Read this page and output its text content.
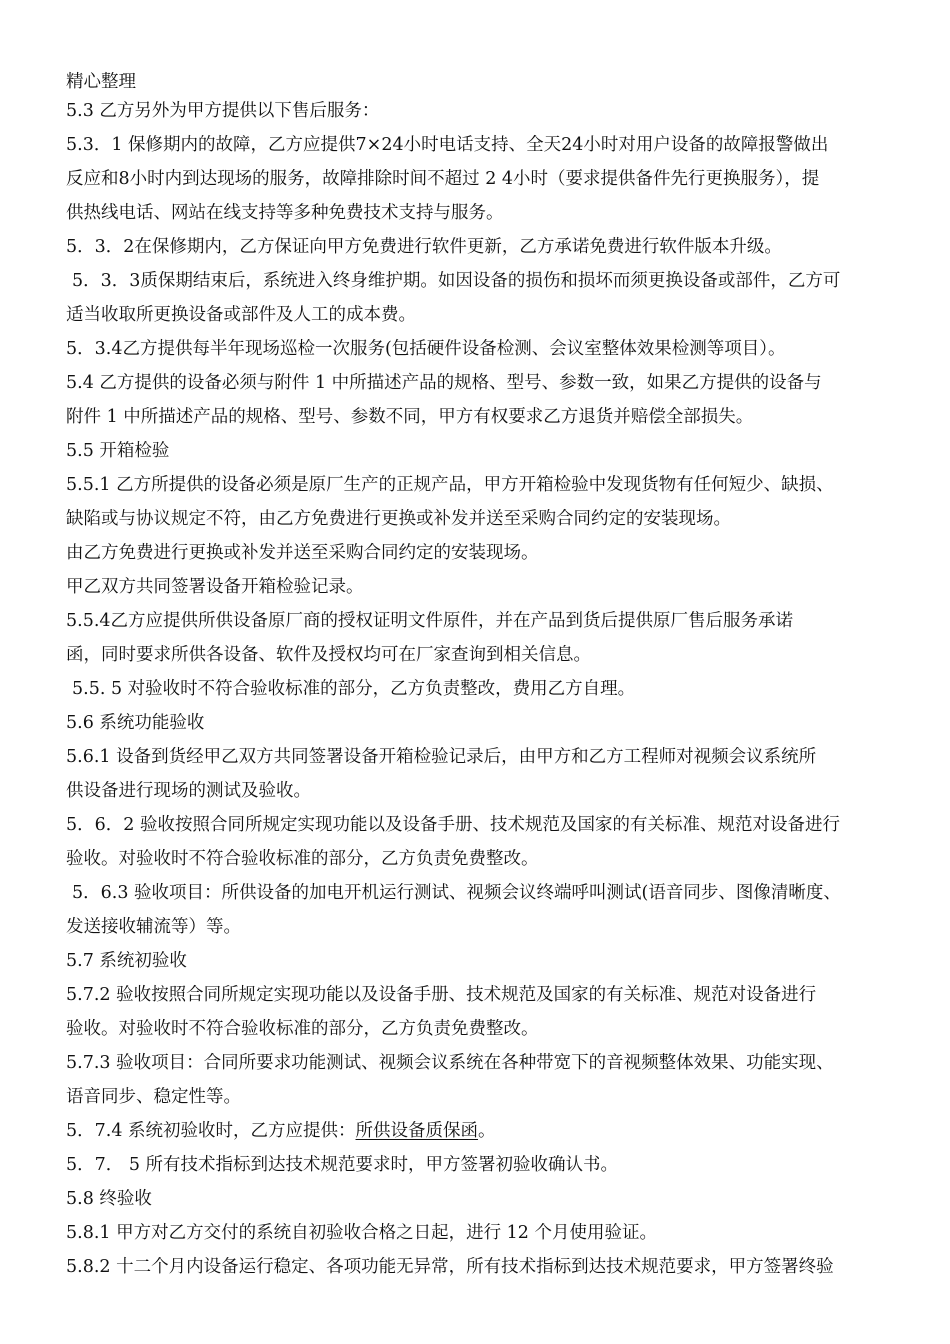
精心整理
5.3 乙方另外为甲方提供以下售后服务：
5.3．1 保修期内的故障，乙方应提供7×24小时电话支持、全天24小时对用户设备的故障报警做出
反应和8小时内到达现场的服务，故障排除时间不超过 2 4小时（要求提供备件先行更换服务），提
供热线电话、网站在线支持等多种免费技术支持与服务。
5．3．2在保修期内，乙方保证向甲方免费进行软件更新，乙方承诺免费进行软件版本升级。
5．3．3质保期结束后，系统进入终身维护期。如因设备的损伤和损坏而须更换设备或部件，乙方可
适当收取所更换设备或部件及人工的成本费。
5．3.4乙方提供每半年现场巡检一次服务(包括硬件设备检测、会议室整体效果检测等项目）。
5.4 乙方提供的设备必须与附件 1 中所描述产品的规格、型号、参数一致，如果乙方提供的设备与
附件 1 中所描述产品的规格、型号、参数不同，甲方有权要求乙方退货并赔偿全部损失。
5.5 开箱检验
5.5.1 乙方所提供的设备必须是原厂生产的正规产品，甲方开箱检验中发现货物有任何短少、缺损、
缺陷或与协议规定不符，由乙方免费进行更换或补发并送至采购合同约定的安装现场。
由乙方免费进行更换或补发并送至采购合同约定的安装现场。
甲乙双方共同签署设备开箱检验记录。
5.5.4乙方应提供所供设备原厂商的授权证明文件原件，并在产品到货后提供原厂售后服务承诺
函，同时要求所供各设备、软件及授权均可在厂家查询到相关信息。
5.5. 5 对验收时不符合验收标准的部分，乙方负责整改，费用乙方自理。
5.6 系统功能验收
5.6.1 设备到货经甲乙双方共同签署设备开箱检验记录后，由甲方和乙方工程师对视频会议系统所
供设备进行现场的测试及验收。
5．6．2 验收按照合同所规定实现功能以及设备手册、技术规范及国家的有关标准、规范对设备进行
验收。对验收时不符合验收标准的部分，乙方负责免费整改。
5．6.3 验收项目：所供设备的加电开机运行测试、视频会议终端呼叫测试(语音同步、图像清晰度、
发送接收辅流等）等。
5.7 系统初验收
5.7.2 验收按照合同所规定实现功能以及设备手册、技术规范及国家的有关标准、规范对设备进行
验收。对验收时不符合验收标准的部分，乙方负责免费整改。
5.7.3 验收项目：合同所要求功能测试、视频会议系统在各种带宽下的音视频整体效果、功能实现、
语音同步、稳定性等。
5．7.4 系统初验收时，乙方应提供：所供设备质保函。
5．7． 5 所有技术指标到达技术规范要求时，甲方签署初验收确认书。
5.8 终验收
5.8.1 甲方对乙方交付的系统自初验收合格之日起，进行 12 个月使用验证。
5.8.2 十二个月内设备运行稳定、各项功能无异常，所有技术指标到达技术规范要求，甲方签署终验
